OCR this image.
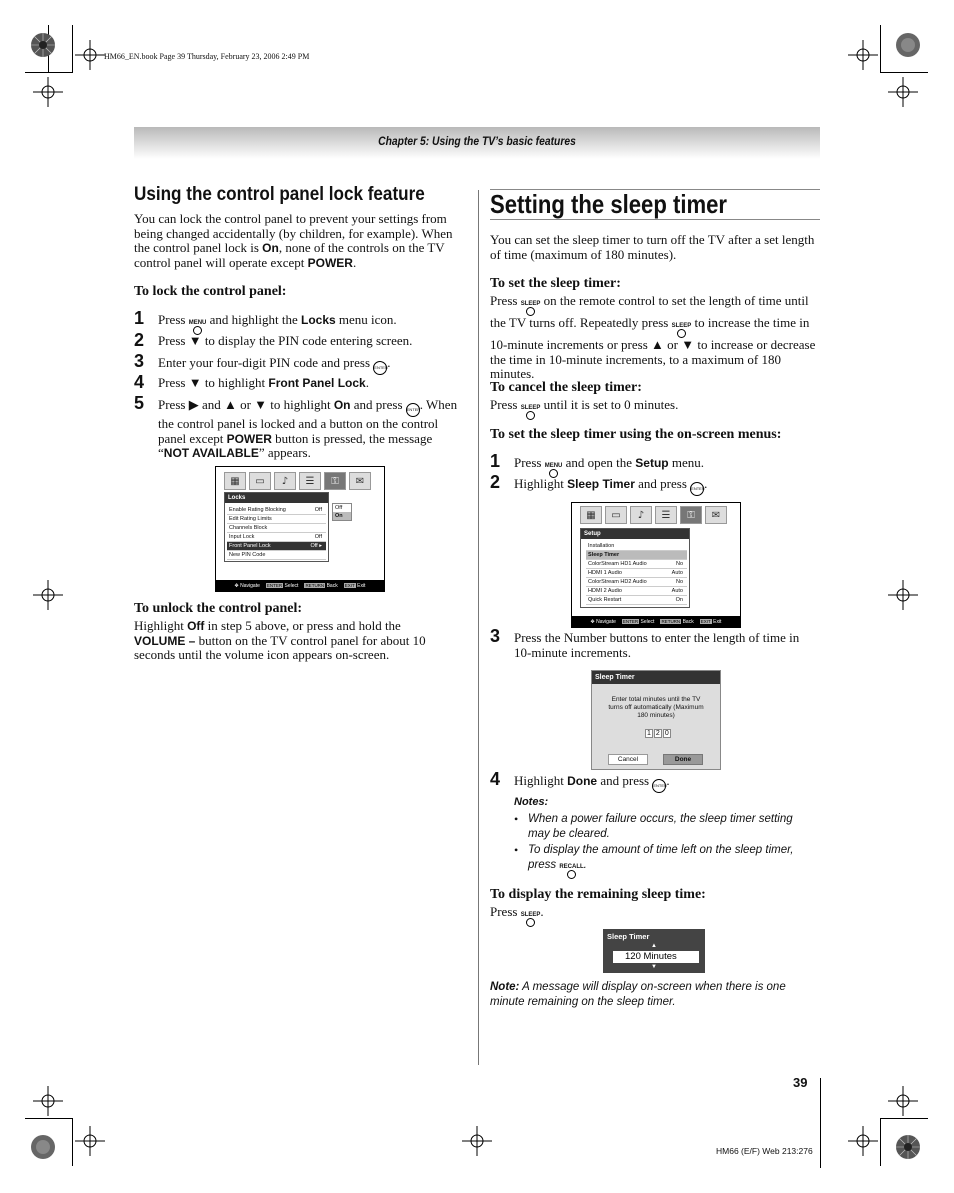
HM66_EN.book Page 39 Thursday, February 23, 2006 2:49 PM
Chapter 5: Using the TV’s basic features
Using the control panel lock feature
You can lock the control panel to prevent your settings from
being changed accidentally (by children, for example). When
the control panel lock is On, none of the controls on the TV
control panel will operate except POWER.
To lock the control panel:
1 Press MENU and highlight the Locks menu icon.
2 Press ▼ to display the PIN code entering screen.
3 Enter your four-digit PIN code and press ENTER.
4 Press ▼ to highlight Front Panel Lock.
5 Press ▶ and ▲ or ▼ to highlight On and press ENTER. When
the control panel is locked and a button on the control
panel except POWER button is pressed, the message
“NOT AVAILABLE” appears.
▦	▭	♪	☰	⚿	✉
Locks
Enable Rating Blocking	Off
Edit Rating Limits
Channels Block
Input Lock	Off
Front Panel Lock	Off ▸
New PIN Code
Off
On
✥ Navigate ENTER Select RETURN Back EXIT Exit
To unlock the control panel:
Highlight Off in step 5 above, or press and hold the
VOLUME – button on the TV control panel for about 10
seconds until the volume icon appears on-screen.
Setting the sleep timer
You can set the sleep timer to turn off the TV after a set length
of time (maximum of 180 minutes).
To set the sleep timer:
Press SLEEP on the remote control to set the length of time until
the TV turns off. Repeatedly press SLEEP to increase the time in
10-minute increments or press ▲ or ▼ to increase or decrease
the time in 10-minute increments, to a maximum of 180
minutes.
To cancel the sleep timer:
Press SLEEP until it is set to 0 minutes.
To set the sleep timer using the on-screen menus:
1 Press MENU and open the Setup menu.
2 Highlight Sleep Timer and press ENTER.
▦	▭	♪	☰	⚿	✉
Setup
Installation
Sleep Timer
ColorStream HD1 Audio	No
HDMI 1 Audio	Auto
ColorStream HD2 Audio	No
HDMI 2 Audio	Auto
Quick Restart	On
✥ Navigate ENTER Select RETURN Back EXIT Exit
3 Press the Number buttons to enter the length of time in
10-minute increments.
Sleep Timer
Enter total minutes until the TV
turns off automatically (Maximum
180 minutes)
1 2 0
Cancel	Done
4 Highlight Done and press ENTER.
Notes:
• When a power failure occurs, the sleep timer setting
may be cleared.
• To display the amount of time left on the sleep timer,
press RECALL .
To display the remaining sleep time:
Press SLEEP .
Sleep Timer
▲
120 Minutes
▼
Note: A message will display on-screen when there is one
minute remaining on the sleep timer.
39
HM66 (E/F) Web 213:276
